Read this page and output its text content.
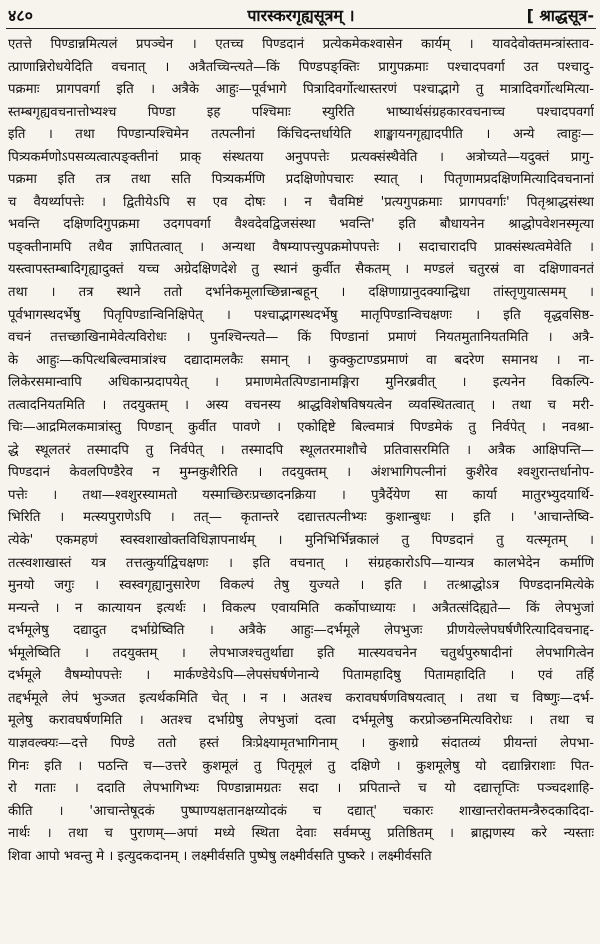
४८०	पारस्करगृह्यसूत्रम् ।	[ श्राद्धसूत्र-
एतत्ते पिण्डान्नमित्यलं प्रपञ्चेन । एतच्च पिण्डदानं प्रत्येकमेकश्वासेन कार्यम् । यावदेवोक्तमन्त्रांस्ताव-
त्प्राणान्निरोधयेदिति वचनात् । अत्रैतच्चिन्त्यते—किं पिण्डपङ्क्तिः प्रागुपक्रमाः पश्चादपवर्गा उत पश्चादु-
पक्रमाः प्रागपवर्गा इति । अत्रैके आहुः—पूर्वभागे पित्रादिवर्गोत्थास्तरणं पश्चाद्भागे तु मात्रादिवर्गोत्थमित्या-
स्तम्बगृह्यवचनात्तोभ्यश्च पिण्डा इह पश्चिमाः स्युरिति भाष्यार्थसंग्रहकारवचनाच्च पश्चादपवर्गा
इति । तथा पिण्डान्पश्चिमेन तत्पत्नीनां किंचिदन्तर्धायेति शाङ्खायनगृह्यादपीति । अन्ये त्वाहुः—
पित्र्यकर्मणोऽपसव्यत्वात्पङ्क्तीनां प्राक् संस्थतया अनुपपत्तेः प्रत्यक्संस्थैवेति । अत्रोच्यते—यदुक्तं प्रागु-
पक्रमा इति तत्र तथा सति पित्र्यकर्मणि प्रदक्षिणोपचारः स्यात् । पितृणामप्रदक्षिणमित्यादिवचनानां
च वैयर्थ्यापत्तेः । द्वितीयेऽपि स एव दोषः । न चैवमिष्टं 'प्रत्यगुपक्रमाः प्रागपवर्गाः' पितृश्राद्धसंस्था
भवन्ति दक्षिणदिगुपक्रमा उदगपवर्गा वैश्वदेवद्विजसंस्था भवन्ति' इति बौधायनेन श्राद्धोपवेशनस्मृत्या
पङ्क्तीनामपि तथैव ज्ञापितत्वात् । अन्यथा वैषम्यापत्त्युपक्रमोपपत्तेः । सदाचारादपि प्राक्संस्थत्वमेवेति ।
यस्त्वापस्तम्बादिगृह्यादुक्तं यच्च अग्रेदक्षिणदेशे तु स्थानं कुर्वीत सैकतम् । मण्डलं चतुरस्रं वा दक्षिणावनतं
तथा । तत्र स्थाने ततो दर्भानेकमूलाच्छिन्नान्बहून् । दक्षिणाग्रानुदक्यान्द्विधा तांस्तृणुयात्समम् ।
पूर्वभागस्थदर्भेषु पितृपिण्डान्विनिक्षिपेत् । पश्चाद्भागस्थदर्भेषु मातृपिण्डान्विचक्षणः । इति वृद्धवसिष्ठ-
वचनं तत्तच्छाखिनामेवेत्यविरोधः । पुनश्चिन्त्यते— किं पिण्डानां प्रमाणं नियतमुतानियतमिति । अत्रै-
के आहुः—कपित्थबिल्वमात्रांश्च दद्यादामलकैः समान् । कुक्कुटाण्डप्रमाणं वा बदरेण समानथ । ना-
लिकेरसमान्वापि अधिकान्प्रदापयेत् । प्रमाणमेतत्पिण्डानामङ्गिरा मुनिरब्रवीत् । इत्यनेन विकल्पि-
तत्वादनियतमिति । तदयुक्तम् । अस्य वचनस्य श्राद्धविशेषविषयत्वेन व्यवस्थितत्वात् । तथा च मरी-
चिः—आद्रमिलकमात्रांस्तु पिण्डान् कुर्वीत पावणे । एकोद्दिष्टे बिल्वमात्रं पिण्डमेकं तु निर्वपेत् । नवश्रा-
द्धे स्थूलतरं तस्मादपि तु निर्वपेत् । तस्मादपि स्थूलतरमाशौचे प्रतिवासरमिति । अत्रैक आक्षिपन्ति—
पिण्डदानं केवलपिण्डैरेव न मुम्नकुशैरिति । तदयुक्तम् । अंशभागिपत्नीनां कुशैरेव श्वशुरान्तर्धानोप-
पत्तेः । तथा—श्वशुरस्यामतो यस्माच्छिरःप्रच्छादनक्रिया । पुत्रैर्देयेण सा कार्या मातुरभ्युदयार्थि-
भिरिति । मत्स्यपुराणेऽपि । तत्— कृतान्तरे दद्यात्तत्पत्नीभ्यः कुशान्बुधः । इति । 'आचान्तेष्वि-
त्येके' एकमहणं स्वस्वशाखोक्तविधिज्ञापनार्थम् । मुनिभिर्भिन्नकालं तु पिण्डदानं तु यत्स्मृतम् ।
तत्स्वशाखास्तं यत्र तत्तत्कुर्याद्विचक्षणः । इति वचनात् । संग्रहकारोऽपि—यान्यत्र कालभेदेन कर्माणि
मुनयो जगुः । स्वस्वगृह्यानुसारेण विकल्पं तेषु युज्यते । इति । तत्श्राद्धोऽत्र पिण्डदानमित्येके
मन्यन्ते । न कात्यायन इत्यर्थः । विकल्प एवायमिति कर्कोपाध्यायः । अत्रैतत्संदिह्यते— किं लेपभुजां
दर्भमूलेषु दद्यादुत दर्भाग्रेष्विति । अत्रैके आहुः—दर्भमूले लेपभुजः प्रीणयेल्लेपघर्षणैरित्यादिवचनाद्द-
र्भमूलेष्विति । तदयुक्तम् । लेपभाजश्चतुर्थाद्या इति मात्स्यवचनेन चतुर्थपुरुषादीनां लेपभागित्वेन
दर्भमूले वैषम्योपपत्तेः । मार्कण्डेयेऽपि—लेपसंघर्षणेनान्ये पितामहादिषु पितामहादिति । एवं तर्हि
तद्दर्भमूले लेपं भुञ्जत इत्यर्थकमिति चेत् । न । अतश्च करावघर्षणविषयत्वात् । तथा च विष्णुः—दर्भ-
मूलेषु करावघर्षणमिति । अतश्च दर्भाग्रेषु लेपभुजां दत्वा दर्भमूलेषु करप्रोञ्छनमित्यविरोधः । तथा च
याज्ञवल्क्यः—दत्ते पिण्डे ततो हस्तं त्रिःप्रेक्ष्यामृतभागिनाम् । कुशाग्रे संदातव्यं प्रीयन्तां लेपभा-
गिनः इति । पठन्ति च—उत्तरे कुशमूलं तु पितृमूलं तु दक्षिणे । कुशमूलेषु यो दद्यान्निराशाः पित-
रो गताः । ददाति लेपभागिभ्यः पिण्डान्नामग्रतः सदा । प्रपितान्ते च यो दद्यात्तृप्तिः पञ्चदशाहि-
कीति । 'आचान्तेषूदकं पुष्पाण्यक्षतानक्षय्योदकं च दद्यात्' चकारः शाखान्तरोक्तमन्त्रैरुदकादिदा-
नार्थः । तथा च पुराणम्—अपां मध्ये स्थिता देवाः सर्वमप्सु प्रतिष्ठितम् । ब्राह्मणस्य करे न्यस्ताः
शिवा आपो भवन्तु मे । इत्युदकदानम् । लक्ष्मीर्वसति पुष्पेषु लक्ष्मीर्वसति पुष्करे । लक्ष्मीर्वसति
